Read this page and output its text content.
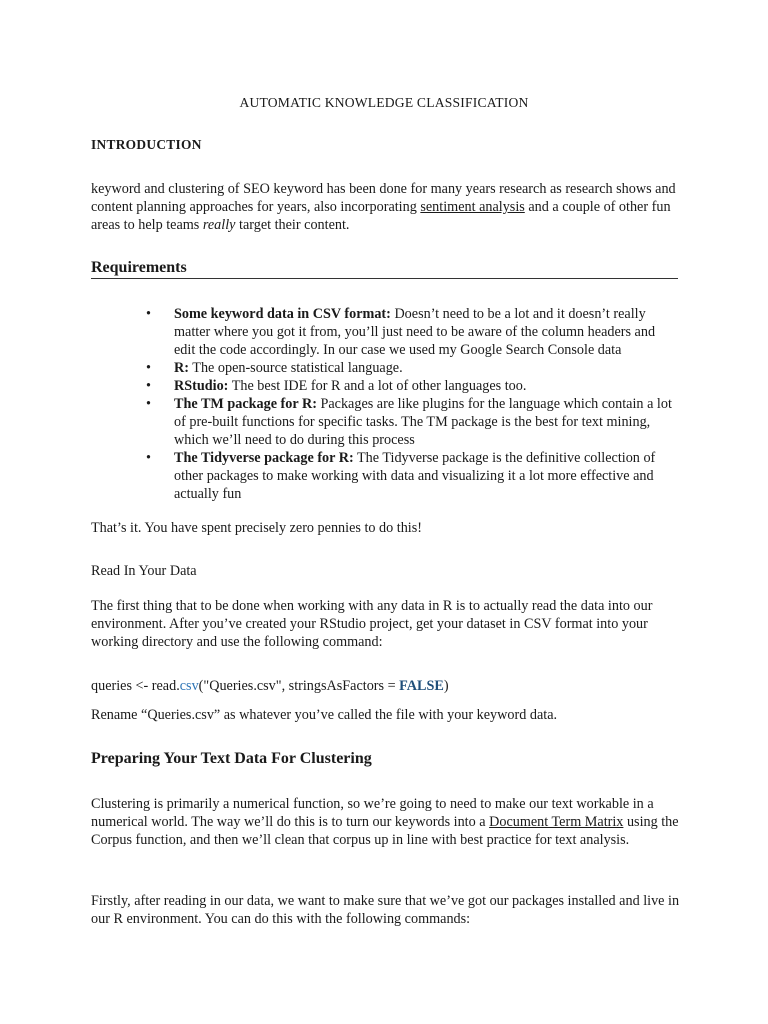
AUTOMATIC KNOWLEDGE CLASSIFICATION
INTRODUCTION
keyword and clustering of SEO keyword has been done for many years research as research shows and content planning approaches for years, also incorporating sentiment analysis and a couple of other fun areas to help teams really target their content.
Requirements
• Some keyword data in CSV format: Doesn’t need to be a lot and it doesn’t really matter where you got it from, you’ll just need to be aware of the column headers and edit the code accordingly. In our case we used my Google Search Console data
• R: The open-source statistical language.
• RStudio: The best IDE for R and a lot of other languages too.
• The TM package for R: Packages are like plugins for the language which contain a lot of pre-built functions for specific tasks. The TM package is the best for text mining, which we’ll need to do during this process
• The Tidyverse package for R: The Tidyverse package is the definitive collection of other packages to make working with data and visualizing it a lot more effective and actually fun
That’s it. You have spent precisely zero pennies to do this!
Read In Your Data
The first thing that to be done when working with any data in R is to actually read the data into our environment. After you’ve created your RStudio project, get your dataset in CSV format into your working directory and use the following command:
queries <- read.csv("Queries.csv", stringsAsFactors = FALSE)
Rename “Queries.csv” as whatever you’ve called the file with your keyword data.
Preparing Your Text Data For Clustering
Clustering is primarily a numerical function, so we’re going to need to make our text workable in a numerical world. The way we’ll do this is to turn our keywords into a Document Term Matrix using the Corpus function, and then we’ll clean that corpus up in line with best practice for text analysis.
Firstly, after reading in our data, we want to make sure that we’ve got our packages installed and live in our R environment. You can do this with the following commands:
